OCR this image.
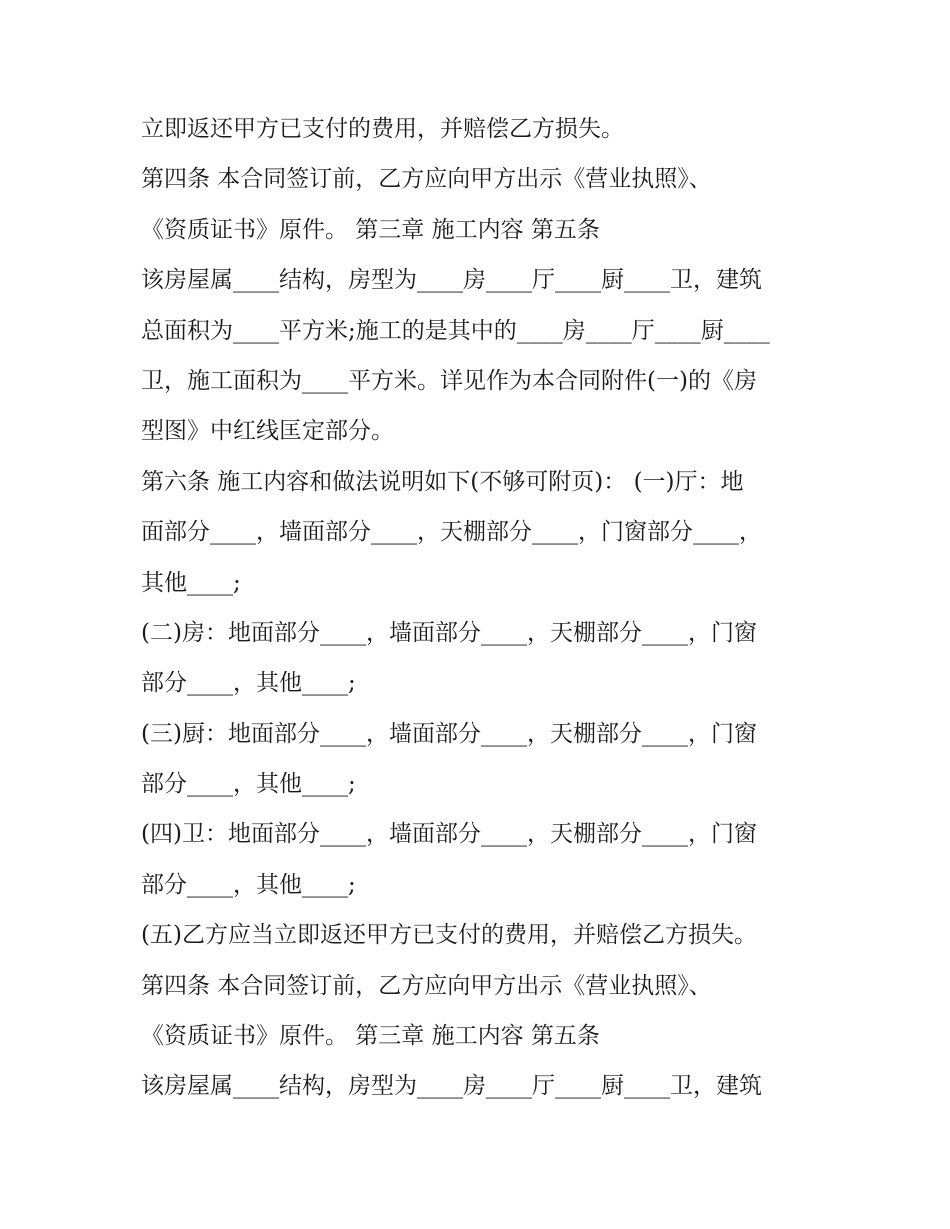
立即返还甲方已支付的费用，并赔偿乙方损失。
第四条 本合同签订前，乙方应向甲方出示《营业执照》、
《资质证书》原件。 第三章 施工内容 第五条
该房屋属____结构，房型为____房____厅____厨____卫，建筑
总面积为____平方米;施工的是其中的____房____厅____厨____
卫，施工面积为____平方米。详见作为本合同附件(一)的《房
型图》中红线匡定部分。
第六条 施工内容和做法说明如下(不够可附页)： (一)厅：地
面部分____，墙面部分____，天棚部分____，门窗部分____，
其他____;
(二)房：地面部分____，墙面部分____，天棚部分____，门窗
部分____，其他____;
(三)厨：地面部分____，墙面部分____，天棚部分____，门窗
部分____，其他____;
(四)卫：地面部分____，墙面部分____，天棚部分____，门窗
部分____，其他____;
(五)乙方应当立即返还甲方已支付的费用，并赔偿乙方损失。
第四条 本合同签订前，乙方应向甲方出示《营业执照》、
《资质证书》原件。 第三章 施工内容 第五条
该房屋属____结构，房型为____房____厅____厨____卫，建筑
